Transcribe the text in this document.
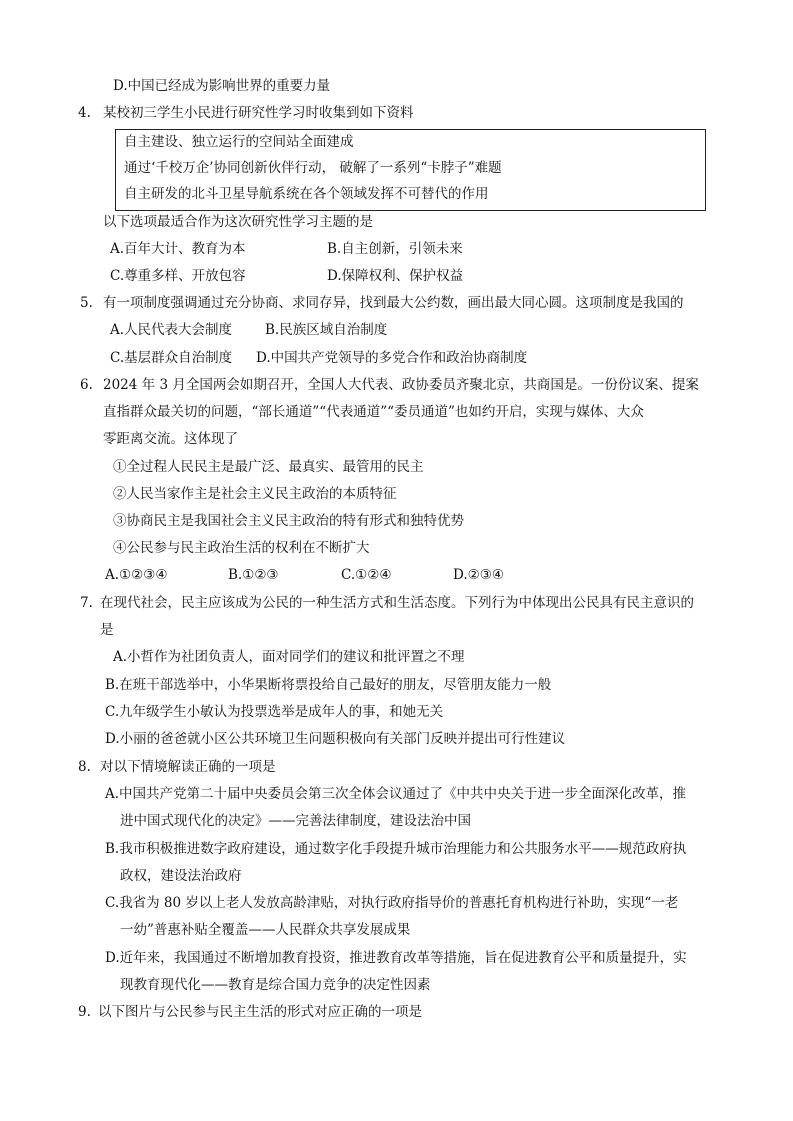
D.中国已经成为影响世界的重要力量
4. 某校初三学生小民进行研究性学习时收集到如下资料
自主建设、独立运行的空间站全面建成
通过‘千校万企’协同创新伙伴行动， 破解了一系列“卡脖子”难题
自主研发的北斗卫星导航系统在各个领域发挥不可替代的作用
以下选项最适合作为这次研究性学习主题的是
A.百年大计、教育为本	B.自主创新，引领未来
C.尊重多样、开放包容	D.保障权利、保护权益
5. 有一项制度强调通过充分协商、求同存异，找到最大公约数，画出最大同心圆。这项制度是我国的
A.人民代表大会制度 B.民族区域自治制度
C.基层群众自治制度 D.中国共产党领导的多党合作和政治协商制度
6. 2024 年 3 月全国两会如期召开，全国人大代表、政协委员齐聚北京，共商国是。一份份议案、提案
直指群众最关切的问题，“部长通道”“代表通道”“委员通道”也如约开启，实现与媒体、大众
零距离交流。这体现了
①全过程人民民主是最广泛、最真实、最管用的民主
②人民当家作主是社会主义民主政治的本质特征
③协商民主是我国社会主义民主政治的特有形式和独特优势
④公民参与民主政治生活的权利在不断扩大
A.①②③④	B.①②③	C.①②④	D.②③④
7. 在现代社会，民主应该成为公民的一种生活方式和生活态度。下列行为中体现出公民具有民主意识的
是
A.小哲作为社团负责人，面对同学们的建议和批评置之不理
B.在班干部选举中，小华果断将票投给自己最好的朋友，尽管朋友能力一般
C.九年级学生小敏认为投票选举是成年人的事，和她无关
D.小丽的爸爸就小区公共环境卫生问题积极向有关部门反映并提出可行性建议
8. 对以下情境解读正确的一项是
A.中国共产党第二十届中央委员会第三次全体会议通过了《中共中央关于进一步全面深化改革，推
进中国式现代化的决定》——完善法律制度，建设法治中国
B.我市积极推进数字政府建设，通过数字化手段提升城市治理能力和公共服务水平——规范政府执
政权，建设法治政府
C.我省为 80 岁以上老人发放高龄津贴，对执行政府指导价的普惠托育机构进行补助，实现“一老
一幼”普惠补贴全覆盖——人民群众共享发展成果
D.近年来，我国通过不断增加教育投资，推进教育改革等措施，旨在促进教育公平和质量提升，实
现教育现代化——教育是综合国力竞争的决定性因素
9. 以下图片与公民参与民主生活的形式对应正确的一项是
